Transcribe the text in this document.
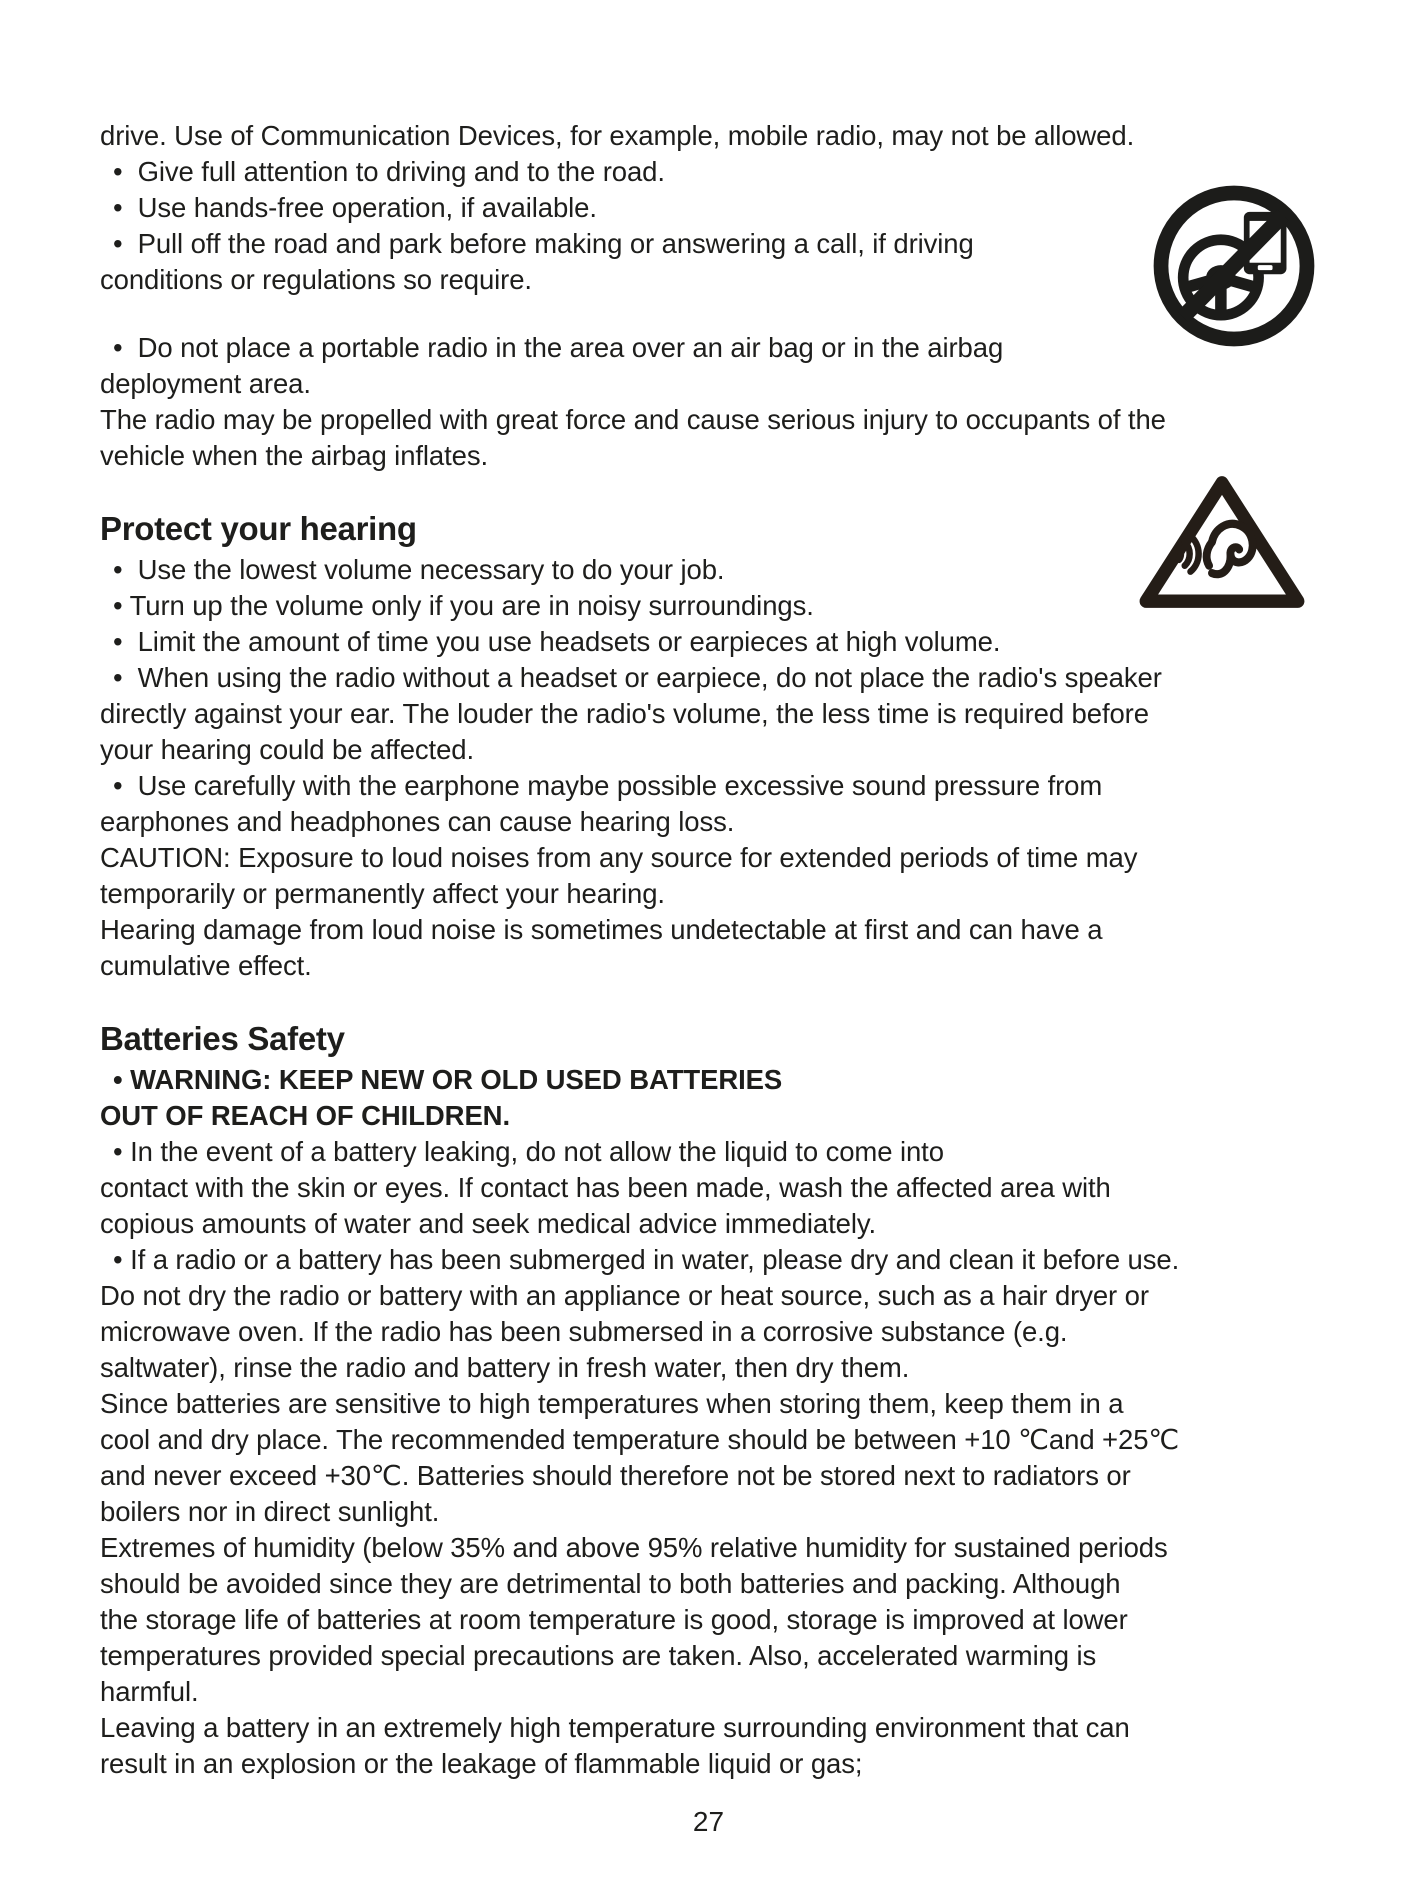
drive. Use of Communication Devices, for example, mobile radio, may not be allowed.
•  Give full attention to driving and to the road.
•  Use hands-free operation, if available.
•  Pull off the road and park before making or answering a call, if driving
conditions or regulations so require.
•  Do not place a portable radio in the area over an air bag or in the airbag
deployment area.
The radio may be propelled with great force and cause serious injury to occupants of the
vehicle when the airbag inflates.
Protect your hearing
•  Use the lowest volume necessary to do your job.
• Turn up the volume only if you are in noisy surroundings.
•  Limit the amount of time you use headsets or earpieces at high volume.
•  When using the radio without a headset or earpiece, do not place the radio's speaker
directly against your ear. The louder the radio's volume, the less time is required before
your hearing could be affected.
•  Use carefully with the earphone maybe possible excessive sound pressure from
earphones and headphones can cause hearing loss.
CAUTION: Exposure to loud noises from any source for extended periods of time may
temporarily or permanently affect your hearing.
Hearing damage from loud noise is sometimes undetectable at first and can have a
cumulative effect.
Batteries Safety
• WARNING: KEEP NEW OR OLD USED BATTERIES
OUT OF REACH OF CHILDREN.
• In the event of a battery leaking, do not allow the liquid to come into
contact with the skin or eyes. If contact has been made, wash the affected area with
copious amounts of water and seek medical advice immediately.
• If a radio or a battery has been submerged in water, please dry and clean it before use.
Do not dry the radio or battery with an appliance or heat source, such as a hair dryer or
microwave oven. If the radio has been submersed in a corrosive substance (e.g.
saltwater), rinse the radio and battery in fresh water, then dry them.
Since batteries are sensitive to high temperatures when storing them, keep them in a
cool and dry place. The recommended temperature should be between +10 ℃and +25℃
and never exceed +30℃. Batteries should therefore not be stored next to radiators or
boilers nor in direct sunlight.
Extremes of humidity (below 35% and above 95% relative humidity for sustained periods
should be avoided since they are detrimental to both batteries and packing. Although
the storage life of batteries at room temperature is good, storage is improved at lower
temperatures provided special precautions are taken. Also, accelerated warming is
harmful.
Leaving a battery in an extremely high temperature surrounding environment that can
result in an explosion or the leakage of flammable liquid or gas;
27
